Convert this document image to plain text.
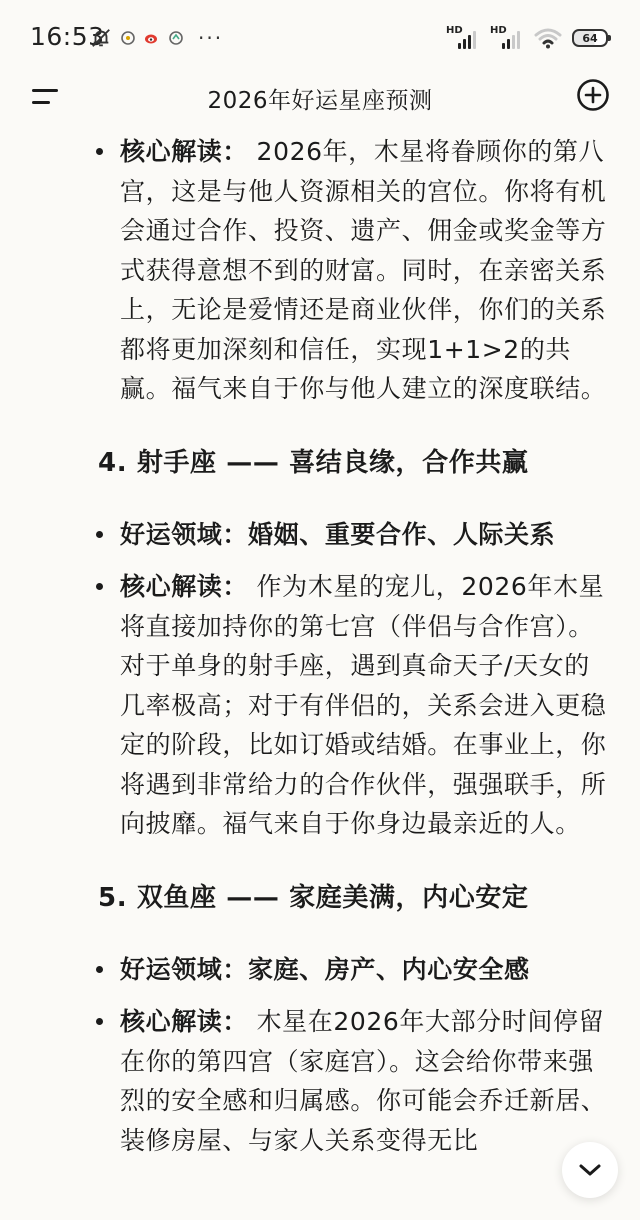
16:53	···	HD	HD
64
2026年好运星座预测
核心解读： 2026年，木星将眷顾你的第八宫，这是与他人资源相关的宫位。你将有机会通过合作、投资、遗产、佣金或奖金等方式获得意想不到的财富。同时，在亲密关系上，无论是爱情还是商业伙伴，你们的关系都将更加深刻和信任，实现1+1>2的共赢。福气来自于你与他人建立的深度联结。
4. 射手座 —— 喜结良缘，合作共赢
好运领域：婚姻、重要合作、人际关系
核心解读： 作为木星的宠儿，2026年木星将直接加持你的第七宫（伴侣与合作宫）。对于单身的射手座，遇到真命天子/天女的几率极高；对于有伴侣的，关系会进入更稳定的阶段，比如订婚或结婚。在事业上，你将遇到非常给力的合作伙伴，强强联手，所向披靡。福气来自于你身边最亲近的人。
5. 双鱼座 —— 家庭美满，内心安定
好运领域：家庭、房产、内心安全感
核心解读： 木星在2026年大部分时间停留在你的第四宫（家庭宫）。这会给你带来强烈的安全感和归属感。你可能会乔迁新居、装修房屋、与家人关系变得无比
